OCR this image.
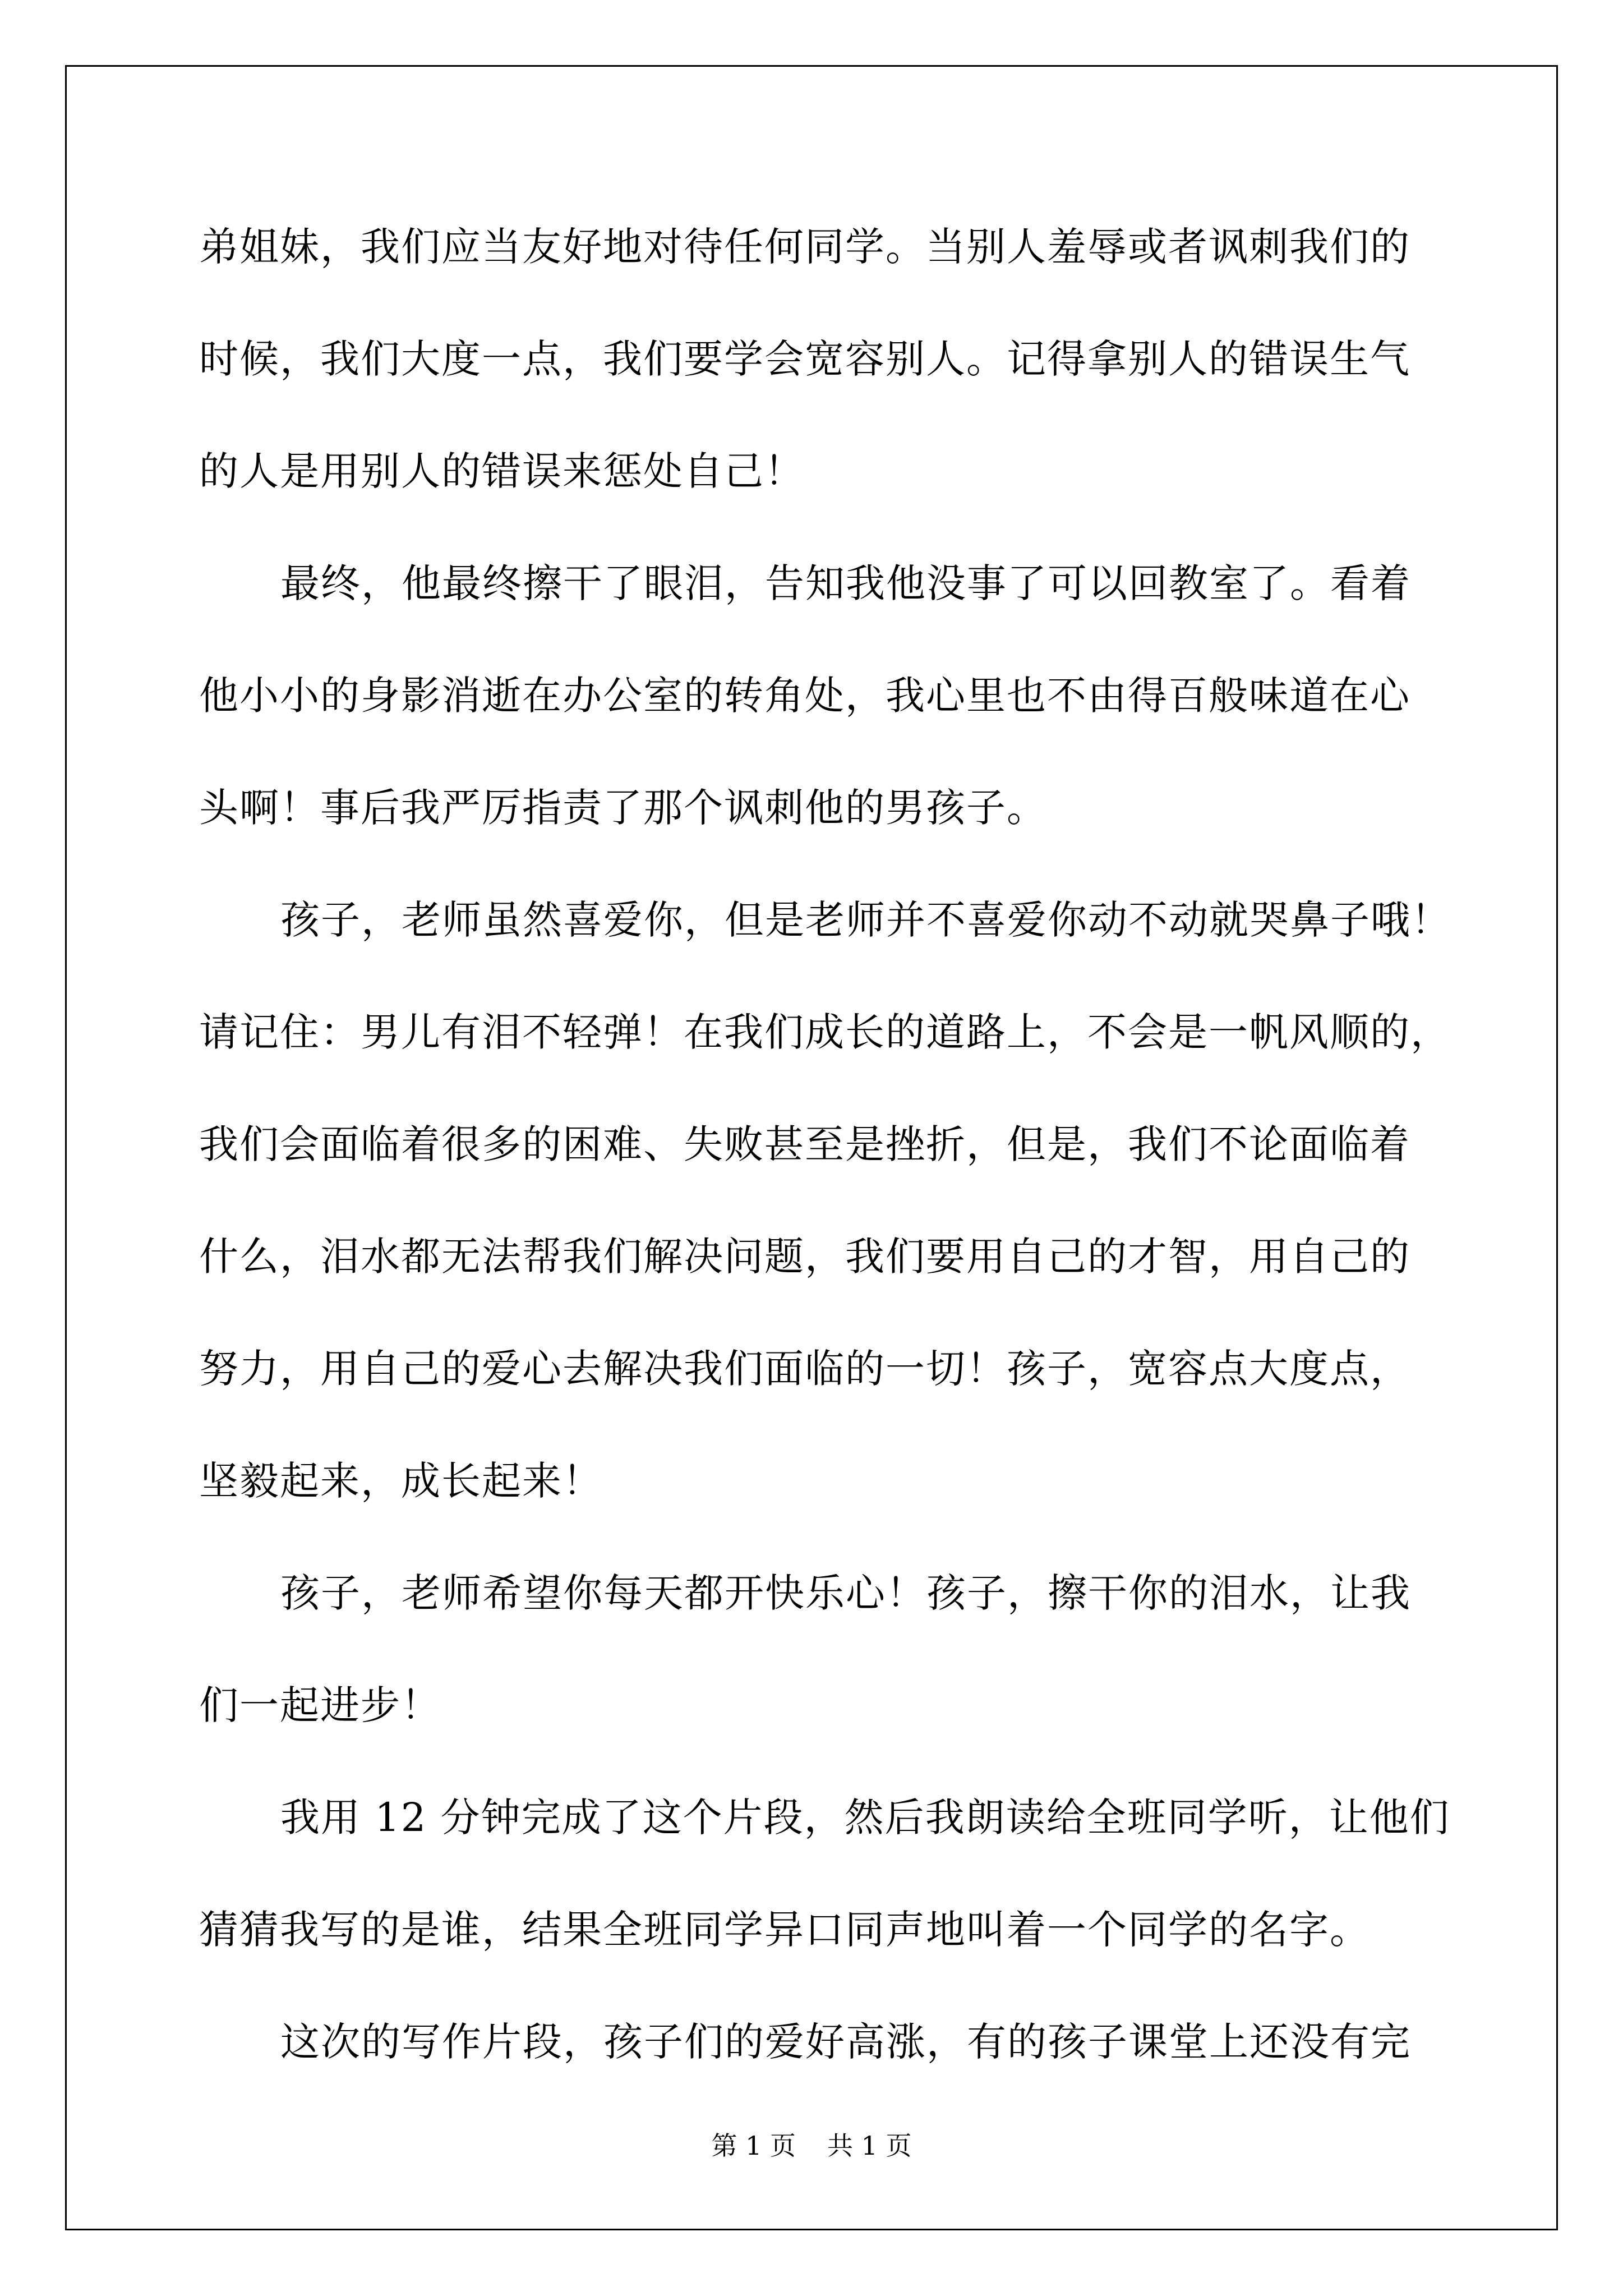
弟姐妹，我们应当友好地对待任何同学。当别人羞辱或者讽刺我们的
时候，我们大度一点，我们要学会宽容别人。记得拿别人的错误生气
的人是用别人的错误来惩处自己！
最终，他最终擦干了眼泪，告知我他没事了可以回教室了。看着
他小小的身影消逝在办公室的转角处，我心里也不由得百般味道在心
头啊！事后我严厉指责了那个讽刺他的男孩子。
孩子，老师虽然喜爱你，但是老师并不喜爱你动不动就哭鼻子哦！
请记住：男儿有泪不轻弹！在我们成长的道路上，不会是一帆风顺的，
我们会面临着很多的困难、失败甚至是挫折，但是，我们不论面临着
什么，泪水都无法帮我们解决问题，我们要用自己的才智，用自己的
努力，用自己的爱心去解决我们面临的一切！孩子，宽容点大度点，
坚毅起来，成长起来！
孩子，老师希望你每天都开快乐心！孩子，擦干你的泪水，让我
们一起进步！
我用 12 分钟完成了这个片段，然后我朗读给全班同学听，让他们
猜猜我写的是谁，结果全班同学异口同声地叫着一个同学的名字。
这次的写作片段，孩子们的爱好高涨，有的孩子课堂上还没有完
第 1 页 共 1 页
